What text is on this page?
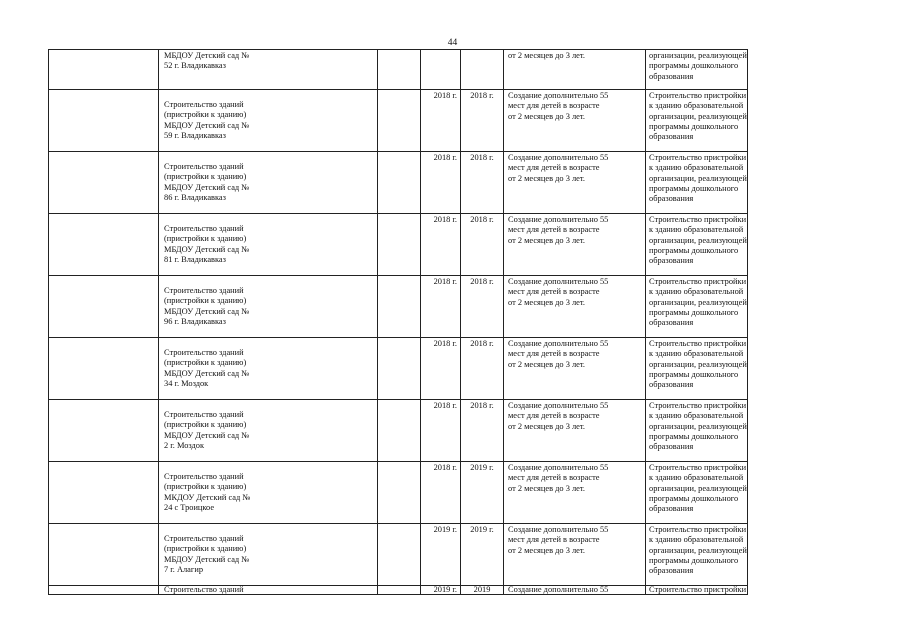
44

	МБДОУ Детский сад №
52 г. Владикавказ				от 2 месяцев до 3 лет.	организации, реализующей
программы дошкольного
образования

	Строительство зданий
(пристройки к зданию)
МБДОУ Детский сад №
59 г. Владикавказ		2018 г.	2018 г.	Создание дополнительно 55
мест для детей в возрасте
от 2 месяцев до 3 лет.	Строительство пристройки
к зданию образовательной
организации, реализующей
программы дошкольного
образования

	Строительство зданий
(пристройки к зданию)
МБДОУ Детский сад №
86 г. Владикавказ		2018 г.	2018 г.	Создание дополнительно 55
мест для детей в возрасте
от 2 месяцев до 3 лет.	Строительство пристройки
к зданию образовательной
организации, реализующей
программы дошкольного
образования

	Строительство зданий
(пристройки к зданию)
МБДОУ Детский сад №
81 г. Владикавказ		2018 г.	2018 г.	Создание дополнительно 55
мест для детей в возрасте
от 2 месяцев до 3 лет.	Строительство пристройки
к зданию образовательной
организации, реализующей
программы дошкольного
образования

	Строительство зданий
(пристройки к зданию)
МБДОУ Детский сад №
96 г. Владикавказ		2018 г.	2018 г.	Создание дополнительно 55
мест для детей в возрасте
от 2 месяцев до 3 лет.	Строительство пристройки
к зданию образовательной
организации, реализующей
программы дошкольного
образования

	Строительство зданий
(пристройки к зданию)
МБДОУ Детский сад №
34 г. Моздок		2018 г.	2018 г.	Создание дополнительно 55
мест для детей в возрасте
от 2 месяцев до 3 лет.	Строительство пристройки
к зданию образовательной
организации, реализующей
программы дошкольного
образования

	Строительство зданий
(пристройки к зданию)
МБДОУ Детский сад №
2 г. Моздок		2018 г.	2018 г.	Создание дополнительно 55
мест для детей в возрасте
от 2 месяцев до 3 лет.	Строительство пристройки
к зданию образовательной
организации, реализующей
программы дошкольного
образования

	Строительство зданий
(пристройки к зданию)
МКДОУ Детский сад №
24 с Троицкое		2018 г.	2019 г.	Создание дополнительно 55
мест для детей в возрасте
от 2 месяцев до 3 лет.	Строительство пристройки
к зданию образовательной
организации, реализующей
программы дошкольного
образования

	Строительство зданий
(пристройки к зданию)
МБДОУ Детский сад №
7 г. Алагир		2019 г.	2019 г.	Создание дополнительно 55
мест для детей в возрасте
от 2 месяцев до 3 лет.	Строительство пристройки
к зданию образовательной
организации, реализующей
программы дошкольного
образования

	Строительство зданий		2019 г.	2019	Создание дополнительно 55	Строительство пристройки
